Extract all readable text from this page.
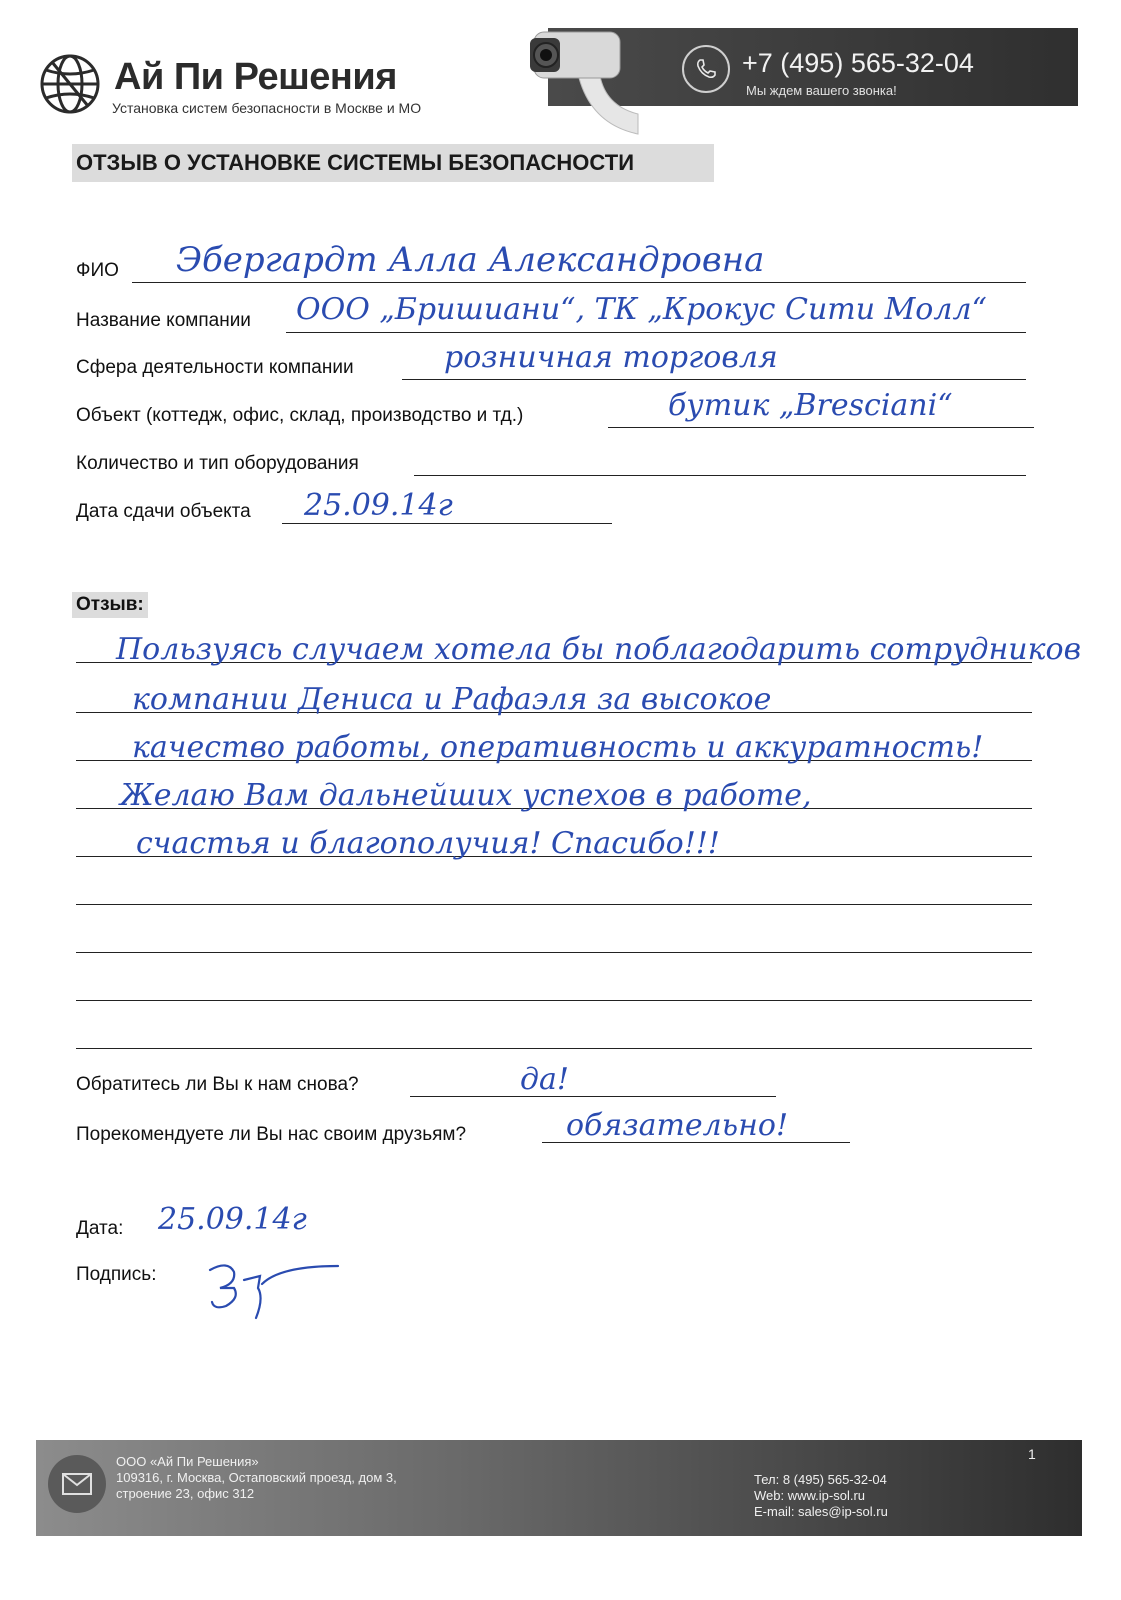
Ай Пи Решения
Установка систем безопасности в Москве и МО
+7 (495) 565-32-04
Мы ждем вашего звонка!
ОТЗЫВ О УСТАНОВКЕ СИСТЕМЫ БЕЗОПАСНОСТИ
ФИО Эбергардт Алла Александровна
Название компании ООО „Бришиани“, ТК „Крокус Сити Молл“
Сфера деятельности компании	розничная торговля
Объект (коттедж, офис, склад, производство и тд.)	бутик „Bresciani“
Количество и тип оборудования
Дата сдачи объекта 25.09.14г
Отзыв:
Пользуясь случаем хотела бы поблагодарить сотрудников
компании Дениса и Рафаэля за высокое
качество работы, оперативность и аккуратность!
Желаю Вам дальнейших успехов в работе,
счастья и благополучия! Спасибо!!!
Обратитесь ли Вы к нам снова?	да!
Порекомендуете ли Вы нас своим друзьям?	обязательно!
Дата: 25.09.14г
Подпись:
ООО «Ай Пи Решения»
109316, г. Москва, Остаповский проезд, дом 3,
строение 23, офис 312
Тел: 8 (495) 565-32-04
Web: www.ip-sol.ru
E-mail: sales@ip-sol.ru
1
